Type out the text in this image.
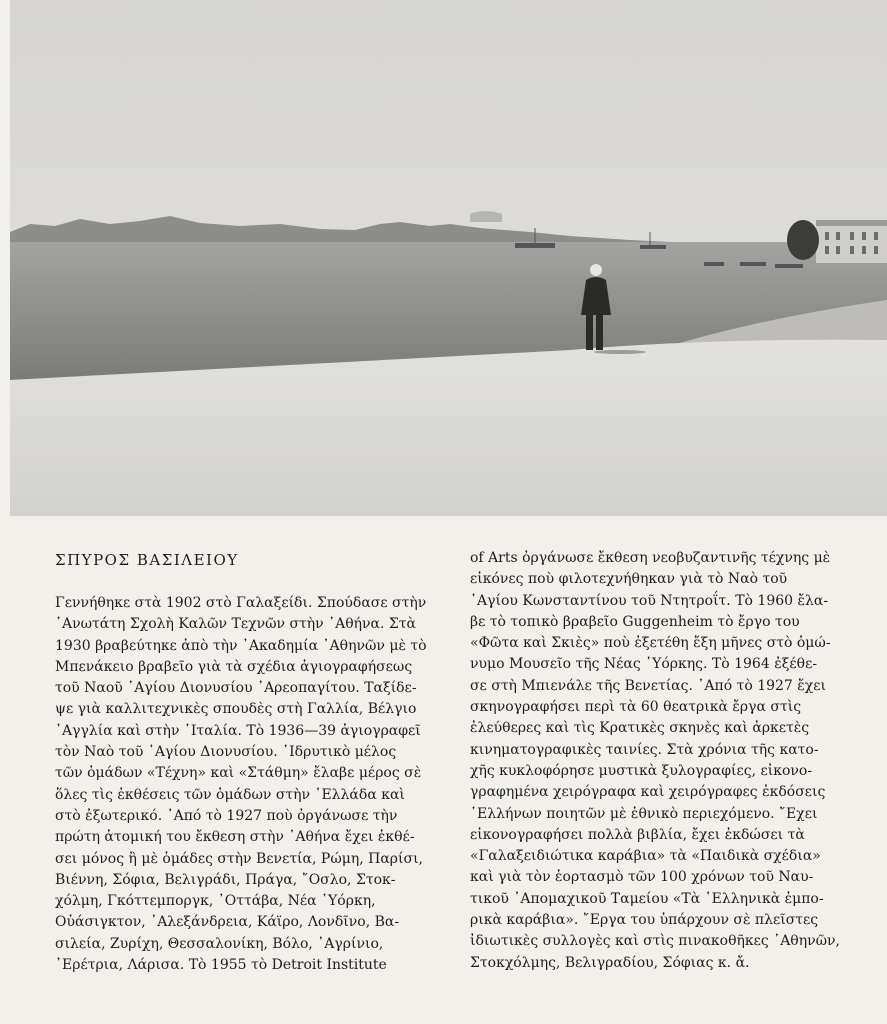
ΣΠΥΡΟΣ ΒΑΣΙΛΕΙΟΥ
Γεννήθηκε στὰ 1902 στὸ Γαλαξείδι. Σπούδασε στὴν
᾿Ανωτάτη Σχολὴ Καλῶν Τεχνῶν στὴν ᾿Αθήνα. Στὰ
1930 βραβεύτηκε ἀπὸ τὴν ᾿Ακαδημία ᾿Αθηνῶν μὲ τὸ
Μπενάκειο βραβεῖο γιὰ τὰ σχέδια ἁγιογραφήσεως
τοῦ Ναοῦ ῾Αγίου Διονυσίου ᾿Αρεοπαγίτου. Ταξίδε-
ψε γιὰ καλλιτεχνικὲς σπουδὲς στὴ Γαλλία, Βέλγιο
᾿Αγγλία καὶ στὴν ᾿Ιταλία. Τὸ 1936—39 ἁγιογραφεῖ
τὸν Ναὸ τοῦ ῾Αγίου Διονυσίου. ῾Ιδρυτικὸ μέλος
τῶν ὁμάδων «Τέχνη» καὶ «Στάθμη» ἔλαβε μέρος σὲ
ὅλες τὶς ἐκθέσεις τῶν ὁμάδων στὴν ῾Ελλάδα καὶ
στὸ ἐξωτερικό. ᾿Από τὸ 1927 ποὺ ὀργάνωσε τὴν
πρώτη ἀτομική του ἔκθεση στὴν ᾿Αθήνα ἔχει ἐκθέ-
σει μόνος ἢ μὲ ὁμάδες στὴν Βενετία, Ρώμη, Παρίσι,
Βιέννη, Σόφια, Βελιγράδι, Πράγα, ῎Οσλο, Στοκ-
χόλμη, Γκόττεμποργκ, ᾿Οττάβα, Νέα ῾Υόρκη,
Οὐάσιγκτον, ᾿Αλεξάνδρεια, Κάϊρο, Λονδῖνο, Βα-
σιλεία, Ζυρίχη, Θεσσαλονίκη, Βόλο, ᾿Αγρίνιο,
᾿Ερέτρια, Λάρισα. Τὸ 1955 τὸ Detroit Institute
of Arts ὀργάνωσε ἔκθεση νεοβυζαντινῆς τέχνης μὲ
εἰκόνες ποὺ φιλοτεχνήθηκαν γιὰ τὸ Ναὸ τοῦ
῾Αγίου Κωνσταντίνου τοῦ Ντητροΐτ. Τὸ 1960 ἔλα-
βε τὸ τοπικὸ βραβεῖο Guggenheim τὸ ἔργο του
«Φῶτα καὶ Σκιὲς» ποὺ ἐξετέθη ἔξη μῆνες στὸ ὁμώ-
νυμο Μουσεῖο τῆς Νέας ῾Υόρκης. Τὸ 1964 ἐξέθε-
σε στὴ Μπιενάλε τῆς Βενετίας. ᾿Από τὸ 1927 ἔχει
σκηνογραφήσει περὶ τὰ 60 θεατρικὰ ἔργα στὶς
ἐλεύθερες καὶ τὶς Κρατικὲς σκηνὲς καὶ ἀρκετὲς
κινηματογραφικὲς ταινίες. Στὰ χρόνια τῆς κατο-
χῆς κυκλοφόρησε μυστικὰ ξυλογραφίες, εἰκονο-
γραφημένα χειρόγραφα καὶ χειρόγραφες ἐκδόσεις
῾Ελλήνων ποιητῶν μὲ ἐθνικὸ περιεχόμενο. ῎Εχει
εἰκονογραφήσει πολλὰ βιβλία, ἔχει ἐκδώσει τὰ
«Γαλαξειδιώτικα καράβια» τὰ «Παιδικὰ σχέδια»
καὶ γιὰ τὸν ἑορτασμὸ τῶν 100 χρόνων τοῦ Ναυ-
τικοῦ ᾿Απομαχικοῦ Ταμείου «Τὰ ῾Ελληνικὰ ἐμπο-
ρικὰ καράβια». ῎Εργα του ὑπάρχουν σὲ πλεῖστες
ἰδιωτικὲς συλλογὲς καὶ στὶς πινακοθῆκες ᾿Αθηνῶν,
Στοκχόλμης, Βελιγραδίου, Σόφιας κ. ἄ.
